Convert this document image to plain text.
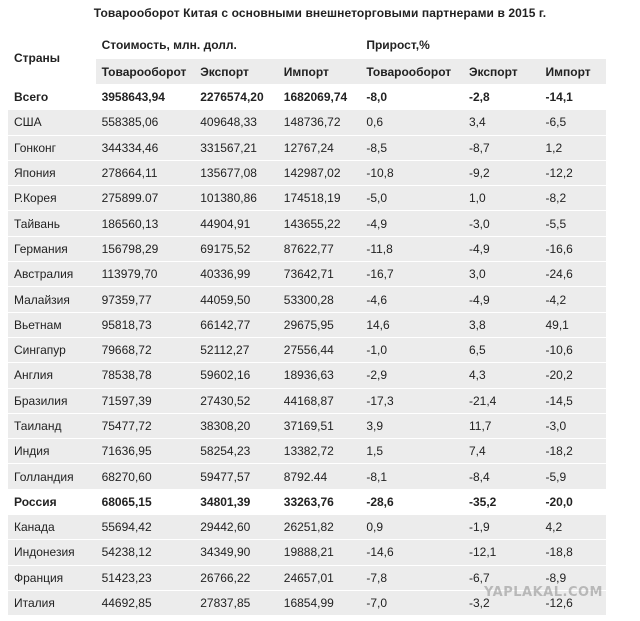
Товарооборот Китая с основными внешнеторговыми партнерами в 2015 г.
Страны	Стоимость, млн. долл.			Прирост,%		
	Товарооборот	Экспорт	Импорт	Товарооборот	Экспорт	Импорт
Всего	3958643,94	2276574,20	1682069,74	-8,0	-2,8	-14,1
США	558385,06	409648,33	148736,72	0,6	3,4	-6,5
Гонконг	344334,46	331567,21	12767,24	-8,5	-8,7	1,2
Япония	278664,11	135677,08	142987,02	-10,8	-9,2	-12,2
Р.Корея	275899.07	101380,86	174518,19	-5,0	1,0	-8,2
Тайвань	186560,13	44904,91	143655,22	-4,9	-3,0	-5,5
Германия	156798,29	69175,52	87622,77	-11,8	-4,9	-16,6
Австралия	113979,70	40336,99	73642,71	-16,7	3,0	-24,6
Малайзия	97359,77	44059,50	53300,28	-4,6	-4,9	-4,2
Вьетнам	95818,73	66142,77	29675,95	14,6	3,8	49,1
Сингапур	79668,72	52112,27	27556,44	-1,0	6,5	-10,6
Англия	78538,78	59602,16	18936,63	-2,9	4,3	-20,2
Бразилия	71597,39	27430,52	44168,87	-17,3	-21,4	-14,5
Таиланд	75477,72	38308,20	37169,51	3,9	11,7	-3,0
Индия	71636,95	58254,23	13382,72	1,5	7,4	-18,2
Голландия	68270,60	59477,57	8792.44	-8,1	-8,4	-5,9
Россия	68065,15	34801,39	33263,76	-28,6	-35,2	-20,0
Канада	55694,42	29442,60	26251,82	0,9	-1,9	4,2
Индонезия	54238,12	34349,90	19888,21	-14,6	-12,1	-18,8
Франция	51423,23	26766,22	24657,01	-7,8	-6,7	-8,9
Италия	44692,85	27837,85	16854,99	-7,0	-3,2	-12,6
YAPLAKAL.COM
